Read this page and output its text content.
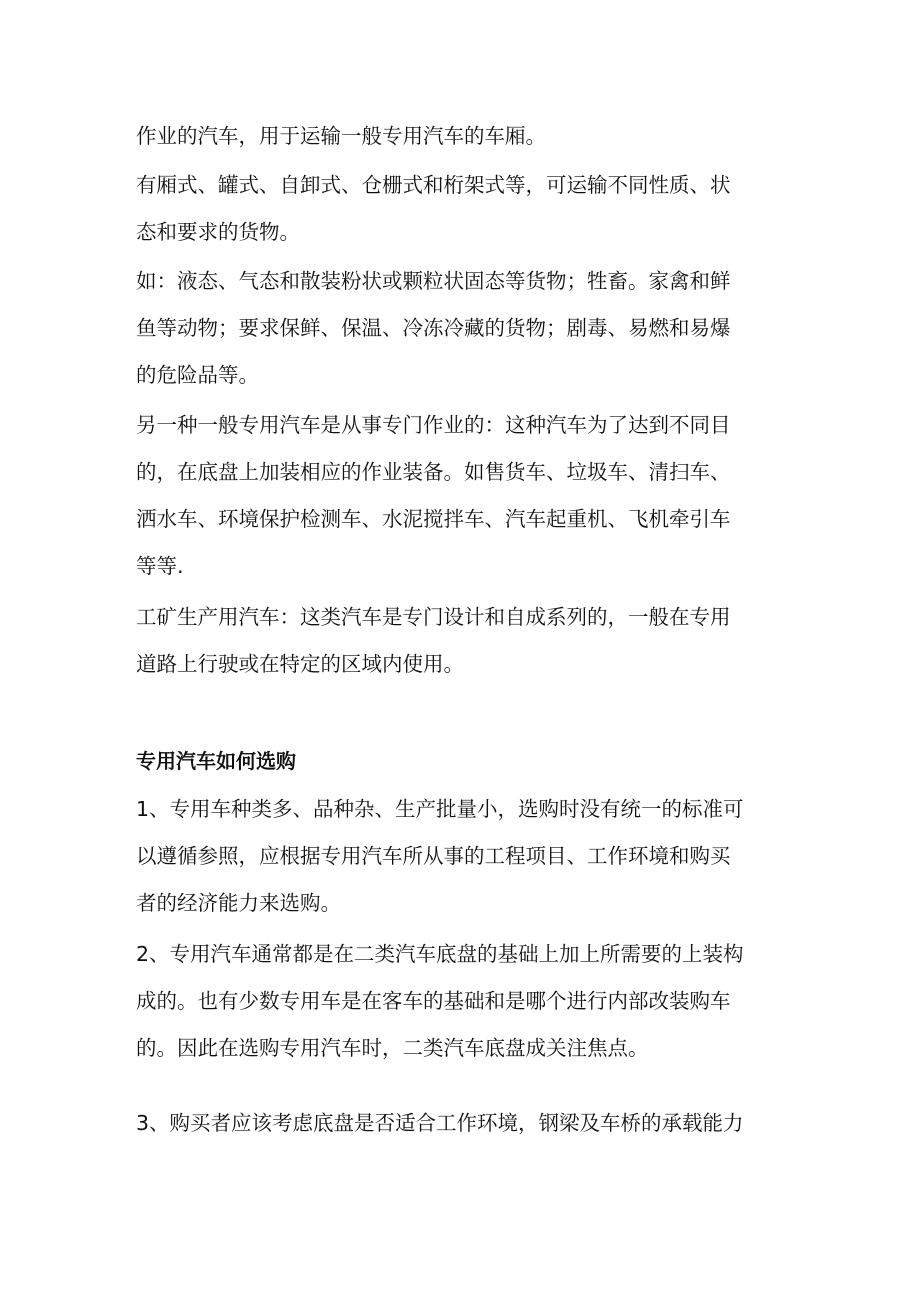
作业的汽车，用于运输一般专用汽车的车厢。
有厢式、罐式、自卸式、仓栅式和桁架式等，可运输不同性质、状
态和要求的货物。
如：液态、气态和散装粉状或颗粒状固态等货物；牲畜。家禽和鲜
鱼等动物；要求保鲜、保温、冷冻冷藏的货物；剧毒、易燃和易爆
的危险品等。
另一种一般专用汽车是从事专门作业的：这种汽车为了达到不同目
的，在底盘上加装相应的作业装备。如售货车、垃圾车、清扫车、
洒水车、环境保护检测车、水泥搅拌车、汽车起重机、飞机牵引车
等等.
工矿生产用汽车：这类汽车是专门设计和自成系列的，一般在专用
道路上行驶或在特定的区域内使用。
专用汽车如何选购
1、专用车种类多、品种杂、生产批量小，选购时没有统一的标准可
以遵循参照，应根据专用汽车所从事的工程项目、工作环境和购买
者的经济能力来选购。
2、专用汽车通常都是在二类汽车底盘的基础上加上所需要的上装构
成的。也有少数专用车是在客车的基础和是哪个进行内部改装购车
的。因此在选购专用汽车时，二类汽车底盘成关注焦点。
3、购买者应该考虑底盘是否适合工作环境，钢梁及车桥的承载能力
